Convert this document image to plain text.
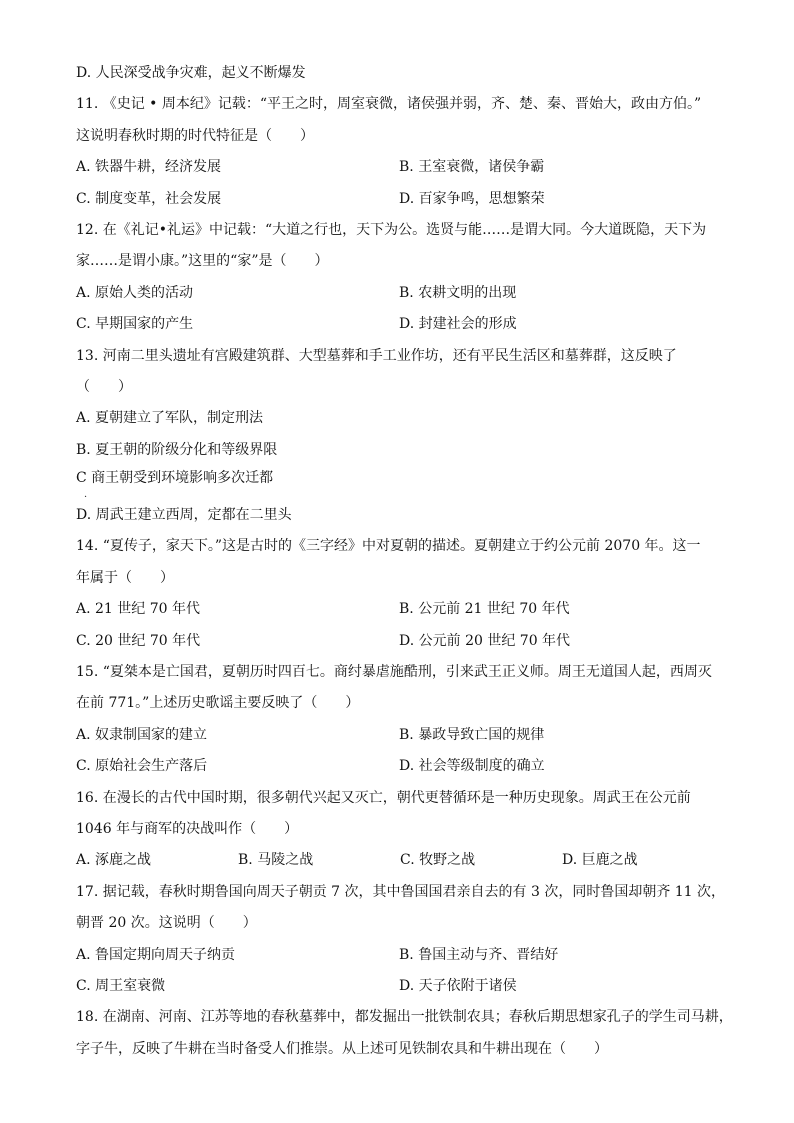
D. 人民深受战争灾难，起义不断爆发
11. 《史记 • 周本纪》记载：“平王之时，周室衰微，诸侯强并弱，齐、楚、秦、晋始大，政由方伯。”
这说明春秋时期的时代特征是（　　）
A. 铁器牛耕，经济发展	B. 王室衰微，诸侯争霸
C. 制度变革，社会发展	D. 百家争鸣，思想繁荣
12. 在《礼记•礼运》中记载：“大道之行也，天下为公。选贤与能……是谓大同。今大道既隐，天下为
家……是谓小康。”这里的“家”是（　　）
A. 原始人类的活动	B. 农耕文明的出现
C. 早期国家的产生	D. 封建社会的形成
13. 河南二里头遗址有宫殿建筑群、大型墓葬和手工业作坊，还有平民生活区和墓葬群，这反映了
（　　）
A. 夏朝建立了军队，制定刑法
B. 夏王朝的阶级分化和等级界限
C 商王朝受到环境影响多次迁都
．
D. 周武王建立西周，定都在二里头
14. “夏传子，家天下。”这是古时的《三字经》中对夏朝的描述。夏朝建立于约公元前 2070 年。这一
年属于（　　）
A. 21 世纪 70 年代	B. 公元前 21 世纪 70 年代
C. 20 世纪 70 年代	D. 公元前 20 世纪 70 年代
15. “夏桀本是亡国君，夏朝历时四百七。商纣暴虐施酷刑，引来武王正义师。周王无道国人起，西周灭
在前 771。”上述历史歌谣主要反映了（　　）
A. 奴隶制国家的建立	B. 暴政导致亡国的规律
C. 原始社会生产落后	D. 社会等级制度的确立
16. 在漫长的古代中国时期，很多朝代兴起又灭亡，朝代更替循环是一种历史现象。周武王在公元前
1046 年与商军的决战叫作（　　）
A. 涿鹿之战	B. 马陵之战	C. 牧野之战	D. 巨鹿之战
17. 据记载，春秋时期鲁国向周天子朝贡 7 次，其中鲁国国君亲自去的有 3 次，同时鲁国却朝齐 11 次，
朝晋 20 次。这说明（　　）
A. 鲁国定期向周天子纳贡	B. 鲁国主动与齐、晋结好
C. 周王室衰微	D. 天子依附于诸侯
18. 在湖南、河南、江苏等地的春秋墓葬中，都发掘出一批铁制农具；春秋后期思想家孔子的学生司马耕，
字子牛，反映了牛耕在当时备受人们推崇。从上述可见铁制农具和牛耕出现在（　　）
